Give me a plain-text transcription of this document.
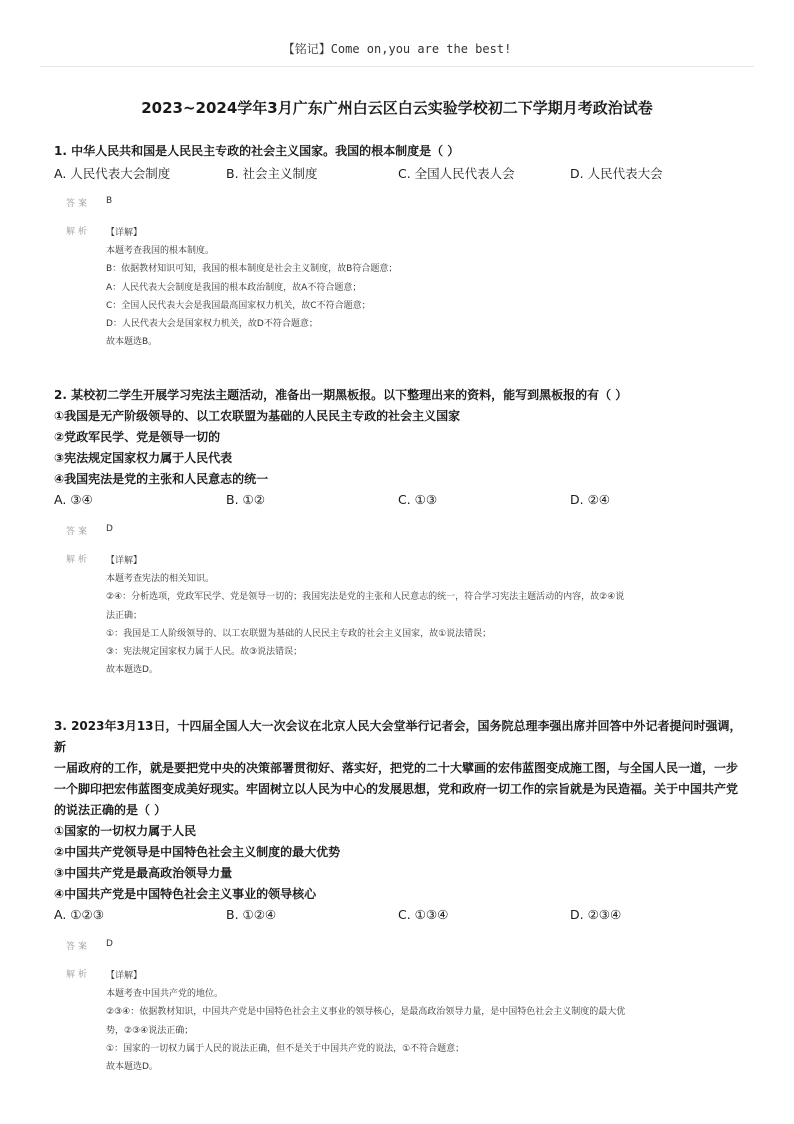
【铭记】Come on,you are the best!
2023~2024学年3月广东广州白云区白云实验学校初二下学期月考政治试卷
1. 中华人民共和国是人民民主专政的社会主义国家。我国的根本制度是（ ）
A. 人民代表大会制度	B. 社会主义制度	C. 全国人民代表人会	D. 人民代表大会
答案 B
解析 【详解】
本题考查我国的根本制度。
B：依据教材知识可知，我国的根本制度是社会主义制度，故B符合题意；
A：人民代表大会制度是我国的根本政治制度，故A不符合题意；
C：全国人民代表大会是我国最高国家权力机关，故C不符合题意；
D：人民代表大会是国家权力机关，故D不符合题意；
故本题选B。
2. 某校初二学生开展学习宪法主题活动，准备出一期黑板报。以下整理出来的资料，能写到黑板报的有（ ）
①我国是无产阶级领导的、以工农联盟为基础的人民民主专政的社会主义国家
②党政军民学、党是领导一切的
③宪法规定国家权力属于人民代表
④我国宪法是党的主张和人民意志的统一
A. ③④	B. ①②	C. ①③	D. ②④
答案 D
解析 【详解】
本题考查宪法的相关知识。
②④：分析选项，党政军民学、党是领导一切的；我国宪法是党的主张和人民意志的统一，符合学习宪法主题活动的内容，故②④说
法正确；
①：我国是工人阶级领导的、以工农联盟为基础的人民民主专政的社会主义国家，故①说法错误；
③：宪法规定国家权力属于人民。故③说法错误；
故本题选D。
3. 2023年3月13日，十四届全国人大一次会议在北京人民大会堂举行记者会，国务院总理李强出席并回答中外记者提问时强调，新
一届政府的工作，就是要把党中央的决策部署贯彻好、落实好，把党的二十大擘画的宏伟蓝图变成施工图，与全国人民一道，一步
一个脚印把宏伟蓝图变成美好现实。牢固树立以人民为中心的发展思想，党和政府一切工作的宗旨就是为民造福。关于中国共产党
的说法正确的是（ ）
①国家的一切权力属于人民
②中国共产党领导是中国特色社会主义制度的最大优势
③中国共产党是最高政治领导力量
④中国共产党是中国特色社会主义事业的领导核心
A. ①②③	B. ①②④	C. ①③④	D. ②③④
答案 D
解析 【详解】
本题考查中国共产党的地位。
②③④：依据教材知识，中国共产党是中国特色社会主义事业的领导核心，是最高政治领导力量，是中国特色社会主义制度的最大优
势，②③④说法正确；
①：国家的一切权力属于人民的说法正确，但不是关于中国共产党的说法，①不符合题意；
故本题选D。
